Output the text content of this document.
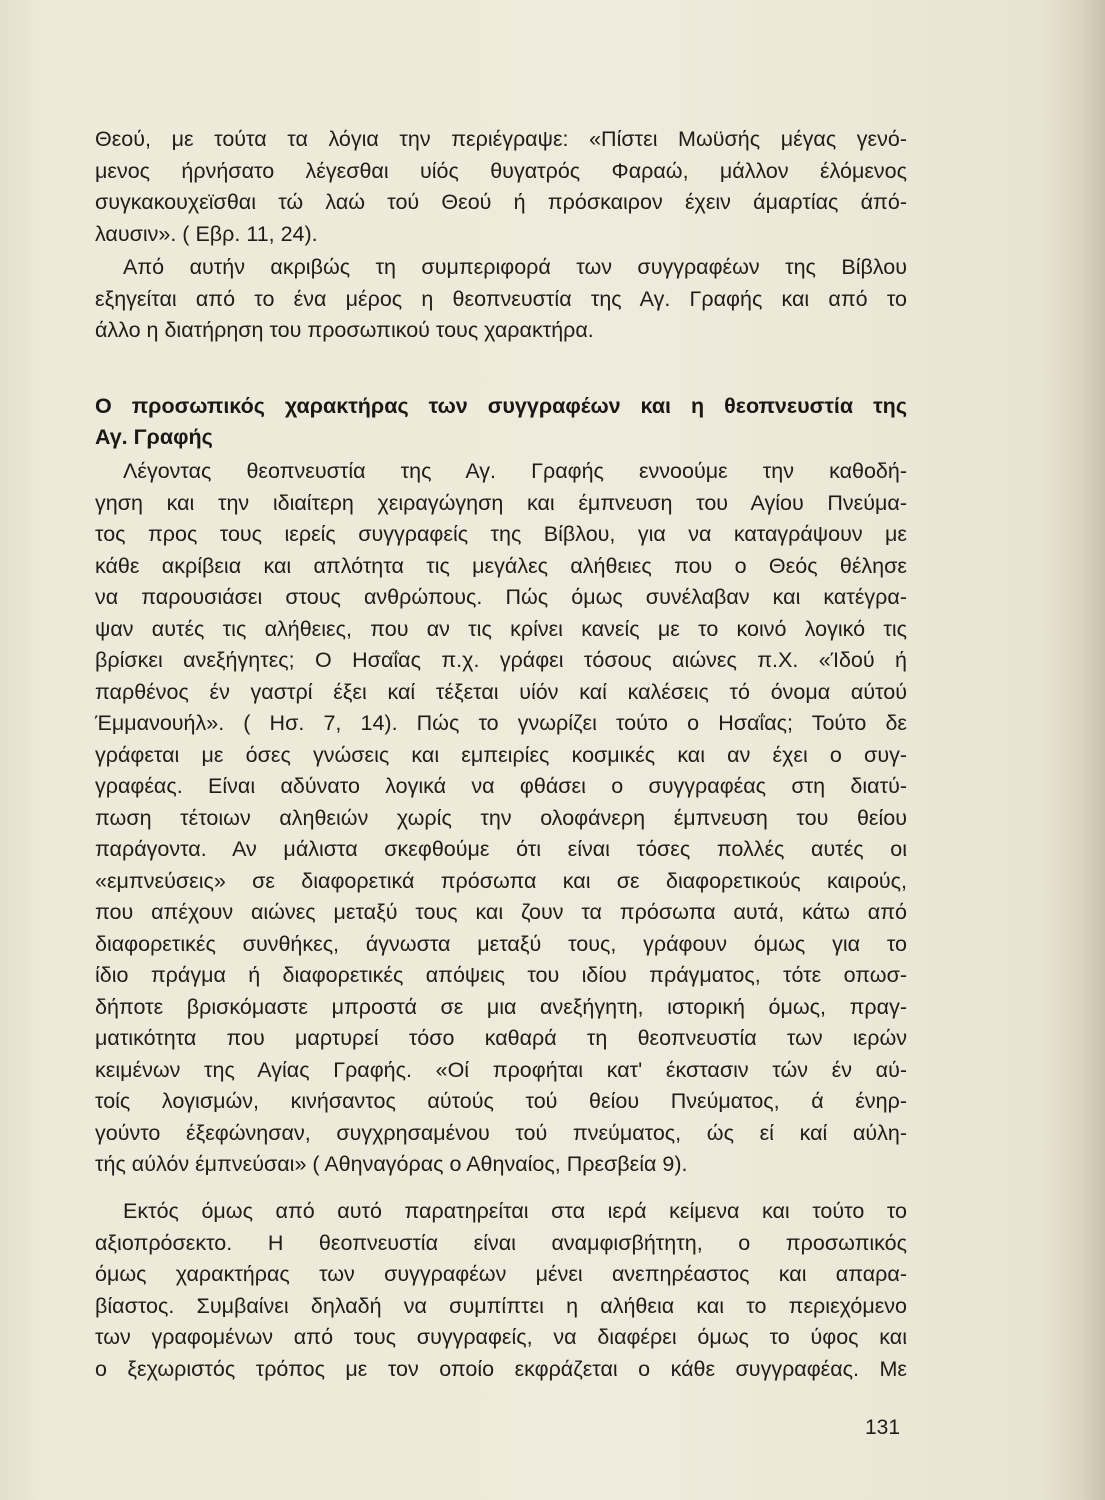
Θεού, με τούτα τα λόγια την περιέγραψε: «Πίστει Μωϋσής μέγας γενό-
μενος ήρνήσατο λέγεσθαι υίός θυγατρός Φαραώ, μάλλον έλόμενος
συγκακουχεϊσθαι τώ λαώ τού Θεού ή πρόσκαιρον έχειν άμαρτίας άπό-
λαυσιν». ( Εβρ. 11, 24).
Από αυτήν ακριβώς τη συμπεριφορά των συγγραφέων της Βίβλου
εξηγείται από το ένα μέρος η θεοπνευστία της Αγ. Γραφής και από το
άλλο η διατήρηση του προσωπικού τους χαρακτήρα.
Ο προσωπικός χαρακτήρας των συγγραφέων και η θεοπνευστία της
Αγ. Γραφής
Λέγοντας θεοπνευστία της Αγ. Γραφής εννοούμε την καθοδή-
γηση και την ιδιαίτερη χειραγώγηση και έμπνευση του Αγίου Πνεύμα-
τος προς τους ιερείς συγγραφείς της Βίβλου, για να καταγράψουν με
κάθε ακρίβεια και απλότητα τις μεγάλες αλήθειες που ο Θεός θέλησε
να παρουσιάσει στους ανθρώπους. Πώς όμως συνέλαβαν και κατέγρα-
ψαν αυτές τις αλήθειες, που αν τις κρίνει κανείς με το κοινό λογικό τις
βρίσκει ανεξήγητες; Ο Ησαΐας π.χ. γράφει τόσους αιώνες π.Χ. «Ίδού ή
παρθένος έν γαστρί έξει καί τέξεται υίόν καί καλέσεις τό όνομα αύτού
Έμμανουήλ». ( Ησ. 7, 14). Πώς το γνωρίζει τούτο ο Ησαΐας; Τούτο δε
γράφεται με όσες γνώσεις και εμπειρίες κοσμικές και αν έχει ο συγ-
γραφέας. Είναι αδύνατο λογικά να φθάσει ο συγγραφέας στη διατύ-
πωση τέτοιων αληθειών χωρίς την ολοφάνερη έμπνευση του θείου
παράγοντα. Αν μάλιστα σκεφθούμε ότι είναι τόσες πολλές αυτές οι
«εμπνεύσεις» σε διαφορετικά πρόσωπα και σε διαφορετικούς καιρούς,
που απέχουν αιώνες μεταξύ τους και ζουν τα πρόσωπα αυτά, κάτω από
διαφορετικές συνθήκες, άγνωστα μεταξύ τους, γράφουν όμως για το
ίδιο πράγμα ή διαφορετικές απόψεις του ιδίου πράγματος, τότε οπωσ-
δήποτε βρισκόμαστε μπροστά σε μια ανεξήγητη, ιστορική όμως, πραγ-
ματικότητα που μαρτυρεί τόσο καθαρά τη θεοπνευστία των ιερών
κειμένων της Αγίας Γραφής. «Οί προφήται κατ' έκστασιν τών έν αύ-
τοίς λογισμών, κινήσαντος αύτούς τού θείου Πνεύματος, ά ένηρ-
γούντο έξεφώνησαν, συγχρησαμένου τού πνεύματος, ώς εί καί αύλη-
τής αύλόν έμπνεύσαι» ( Αθηναγόρας ο Αθηναίος, Πρεσβεία 9).
Εκτός όμως από αυτό παρατηρείται στα ιερά κείμενα και τούτο το
αξιοπρόσεκτο. Η θεοπνευστία είναι αναμφισβήτητη, ο προσωπικός
όμως χαρακτήρας των συγγραφέων μένει ανεπηρέαστος και απαρα-
βίαστος. Συμβαίνει δηλαδή να συμπίπτει η αλήθεια και το περιεχόμενο
των γραφομένων από τους συγγραφείς, να διαφέρει όμως το ύφος και
ο ξεχωριστός τρόπος με τον οποίο εκφράζεται ο κάθε συγγραφέας. Με
131
